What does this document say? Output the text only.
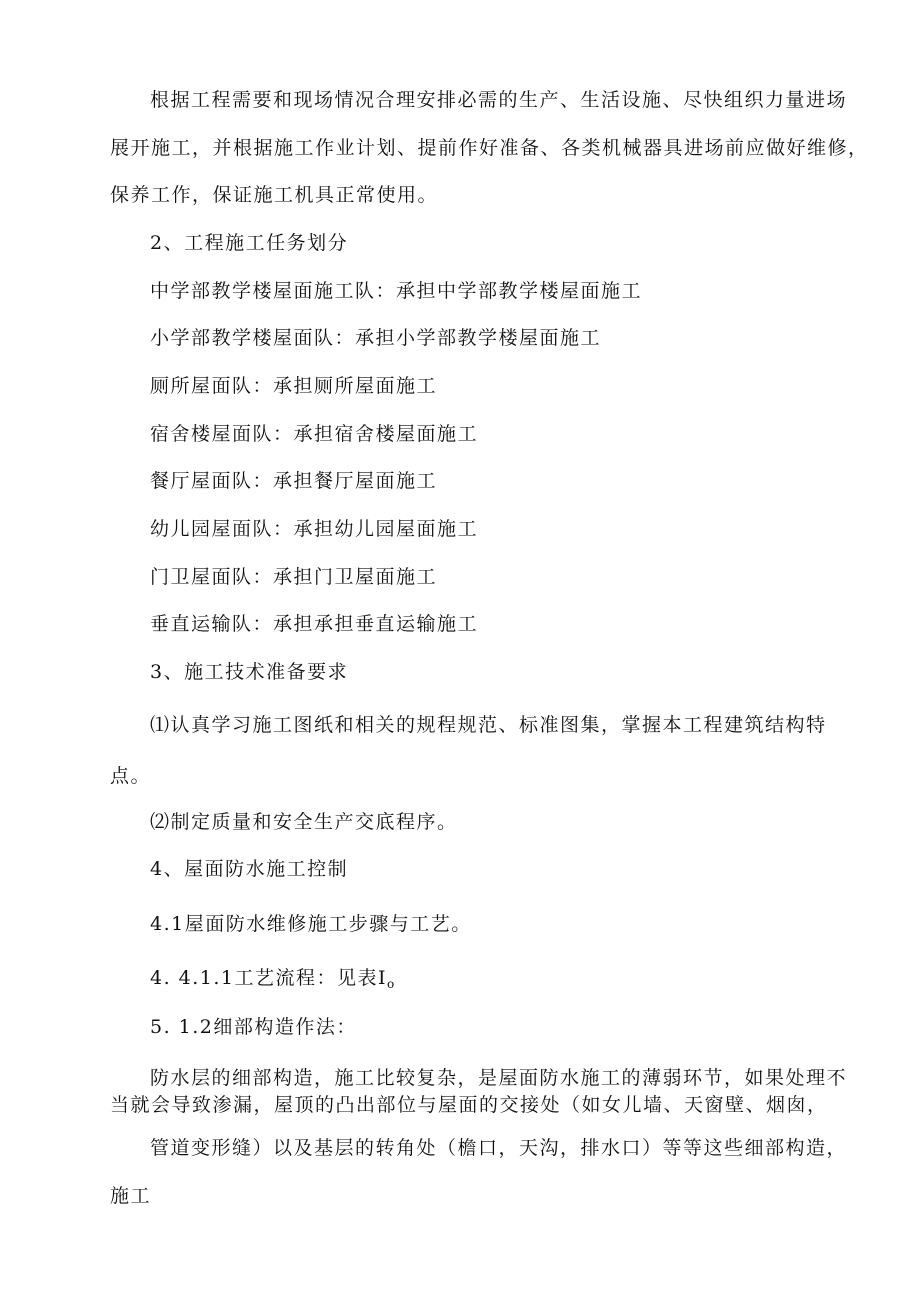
根据工程需要和现场情况合理安排必需的生产、生活设施、尽快组织力量进场
展开施工，并根据施工作业计划、提前作好准备、各类机械器具进场前应做好维修，
保养工作，保证施工机具正常使用。
2、工程施工任务划分
中学部教学楼屋面施工队：承担中学部教学楼屋面施工
小学部教学楼屋面队：承担小学部教学楼屋面施工
厕所屋面队：承担厕所屋面施工
宿舍楼屋面队：承担宿舍楼屋面施工
餐厅屋面队：承担餐厅屋面施工
幼儿园屋面队：承担幼儿园屋面施工
门卫屋面队：承担门卫屋面施工
垂直运输队：承担承担垂直运输施工
3、施工技术准备要求
⑴认真学习施工图纸和相关的规程规范、标准图集，掌握本工程建筑结构特
点。
⑵制定质量和安全生产交底程序。
4、屋面防水施工控制
4.1屋面防水维修施工步骤与工艺。
4. 4.1.1工艺流程：见表$I_o$
5. 1.2细部构造作法：
防水层的细部构造，施工比较复杂，是屋面防水施工的薄弱环节，如果处理不
当就会导致渗漏，屋顶的凸出部位与屋面的交接处（如女儿墙、天窗壁、烟囱，
管道变形缝）以及基层的转角处（檐口，天沟，排水口）等等这些细部构造，
施工
